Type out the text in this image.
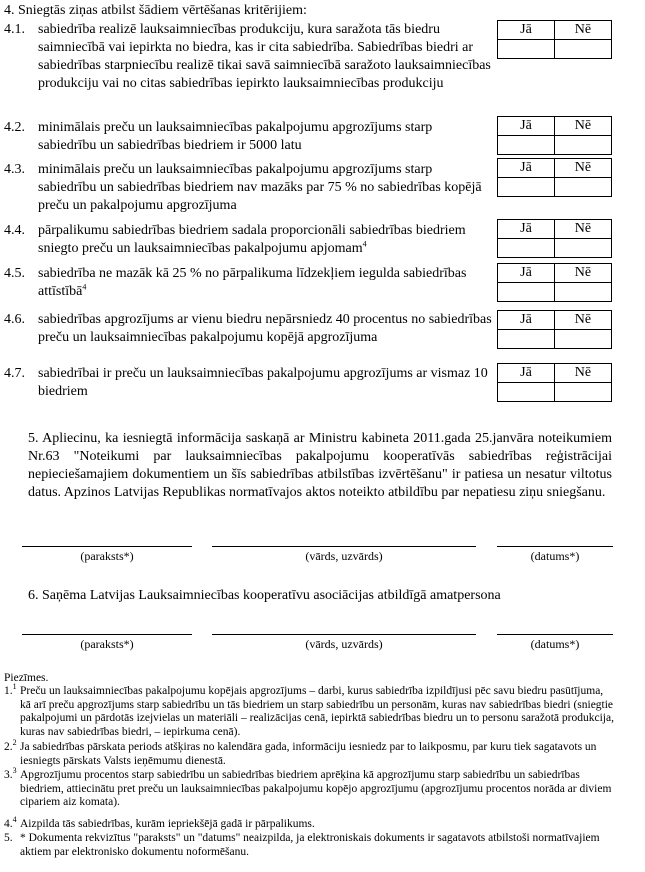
4. Sniegtās ziņas atbilst šādiem vērtēšanas kritērijiem:
4.1. sabiedrība realizē lauksaimniecības produkciju, kura saražota tās biedru saimniecībā vai iepirkta no biedra, kas ir cita sabiedrība. Sabiedrības biedri ar sabiedrības starpniecību realizē tikai savā saimniecībā saražoto lauksaimniecības produkciju vai no citas sabiedrības iepirkto lauksaimniecības produkciju
Jā	Nē

4.2. minimālais preču un lauksaimniecības pakalpojumu apgrozījums starp sabiedrību un sabiedrības biedriem ir 5000 latu
Jā	Nē

4.3. minimālais preču un lauksaimniecības pakalpojumu apgrozījums starp sabiedrību un sabiedrības biedriem nav mazāks par 75 % no sabiedrības kopējā preču un pakalpojumu apgrozījuma
Jā	Nē

4.4. pārpalikumu sabiedrības biedriem sadala proporcionāli sabiedrības biedriem sniegto preču un lauksaimniecības pakalpojumu apjomam$^4$
Jā	Nē

4.5. sabiedrība ne mazāk kā 25 % no pārpalikuma līdzekļiem iegulda sabiedrības attīstībā$^4$
Jā	Nē

4.6. sabiedrības apgrozījums ar vienu biedru nepārsniedz 40 procentus no sabiedrības preču un lauksaimniecības pakalpojumu kopējā apgrozījuma
Jā	Nē

4.7. sabiedrībai ir preču un lauksaimniecības pakalpojumu apgrozījums ar vismaz 10 biedriem
Jā	Nē

5. Apliecinu, ka iesniegtā informācija saskaņā ar Ministru kabineta 2011.gada 25.janvāra noteikumiem Nr.63 "Noteikumi par lauksaimniecības pakalpojumu kooperatīvās sabiedrības reģistrācijai nepieciešamajiem dokumentiem un šīs sabiedrības atbilstības izvērtēšanu" ir patiesa un nesatur viltotus datus. Apzinos Latvijas Republikas normatīvajos aktos noteikto atbildību par nepatiesu ziņu sniegšanu.
(paraksts*)	(vārds, uzvārds)	(datums*)
6. Saņēma Latvijas Lauksaimniecības kooperatīvu asociācijas atbildīgā amatpersona
(paraksts*)	(vārds, uzvārds)	(datums*)
Piezīmes.
1.$^1$ Preču un lauksaimniecības pakalpojumu kopējais apgrozījums – darbi, kurus sabiedrība izpildījusi pēc savu biedru pasūtījuma, kā arī preču apgrozījums starp sabiedrību un tās biedriem un starp sabiedrību un personām, kuras nav sabiedrības biedri (sniegtie pakalpojumi un pārdotās izejvielas un materiāli – realizācijas cenā, iepirktā sabiedrības biedru un to personu saražotā produkcija, kuras nav sabiedrības biedri, – iepirkuma cenā).
2.$^2$ Ja sabiedrības pārskata periods atšķiras no kalendāra gada, informāciju iesniedz par to laikposmu, par kuru tiek sagatavots un iesniegts pārskats Valsts ieņēmumu dienestā.
3.$^3$ Apgrozījumu procentos starp sabiedrību un sabiedrības biedriem aprēķina kā apgrozījumu starp sabiedrību un sabiedrības biedriem, attiecinātu pret preču un lauksaimniecības pakalpojumu kopējo apgrozījumu (apgrozījumu procentos norāda ar diviem cipariem aiz komata).
4.$^4$ Aizpilda tās sabiedrības, kurām iepriekšējā gadā ir pārpalikums.
5. * Dokumenta rekvizītus "paraksts" un "datums" neaizpilda, ja elektroniskais dokuments ir sagatavots atbilstoši normatīvajiem aktiem par elektronisko dokumentu noformēšanu.
